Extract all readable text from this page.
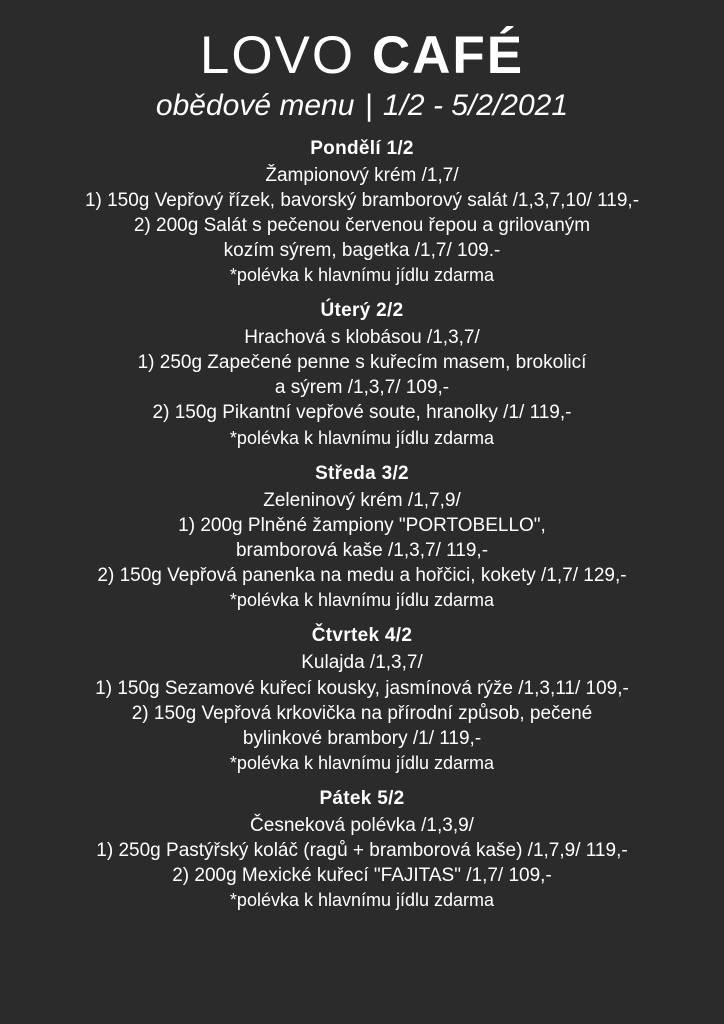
LOVO CAFÉ
obědové menu | 1/2 - 5/2/2021
Pondělí 1/2
Žampionový krém /1,7/
1) 150g Vepřový řízek, bavorský bramborový salát /1,3,7,10/ 119,-
2) 200g Salát s pečenou červenou řepou a grilovaným
kozím sýrem, bagetka /1,7/ 109.-
*polévka k hlavnímu jídlu zdarma
Úterý 2/2
Hrachová s klobásou /1,3,7/
1) 250g Zapečené penne s kuřecím masem, brokolicí
a sýrem /1,3,7/ 109,-
2) 150g Pikantní vepřové soute, hranolky /1/ 119,-
*polévka k hlavnímu jídlu zdarma
Středa 3/2
Zeleninový krém /1,7,9/
1) 200g Plněné žampiony "PORTOBELLO",
bramborová kaše /1,3,7/ 119,-
2) 150g Vepřová panenka na medu a hořčici, kokety /1,7/ 129,-
*polévka k hlavnímu jídlu zdarma
Čtvrtek 4/2
Kulajda /1,3,7/
1) 150g Sezamové kuřecí kousky, jasmínová rýže /1,3,11/ 109,-
2) 150g Vepřová krkovička na přírodní způsob, pečené
bylinkové brambory /1/ 119,-
*polévka k hlavnímu jídlu zdarma
Pátek 5/2
Česneková polévka /1,3,9/
1) 250g Pastýřský koláč (ragů + bramborová kaše) /1,7,9/ 119,-
2) 200g Mexické kuřecí "FAJITAS" /1,7/ 109,-
*polévka k hlavnímu jídlu zdarma
